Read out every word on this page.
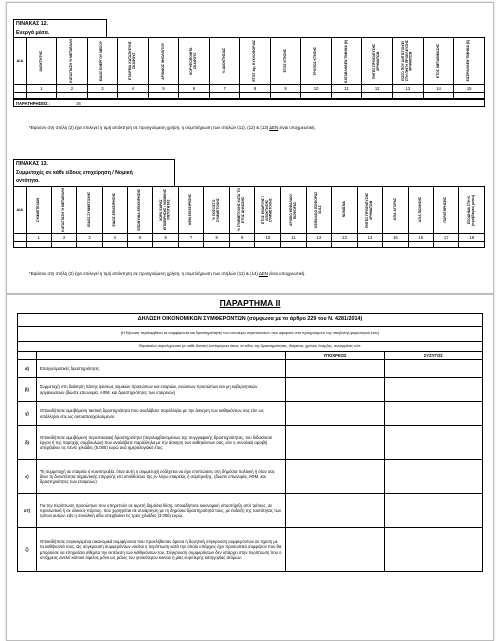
ΠΙΝΑΚΑΣ 12.
Ενεργά μέσα.
Α/Α	ΙΔΙΟΚΤΗΤΗΣ	ΚΑΤΑΣΤΑΣΗ Ή ΜΕΤΑΒΟΛΗ	ΕΙΔΟΣ ΕΝΕΡΓΟΥ ΜΕΣΟΥ	ΕΤΑΙΡΕΙΑ ΚΑΤΑΣΚΕΥΗΣ ΣΚΑΦΟΥΣ	ΑΡΙΘΜΟΣ ΝΗΟΛΟΓΙΟΥ	ΚΟΡΥΦΟΠΟΙΗΤΑ ΣΚΑΦΟΥΣ	% ΙΔΙΟΚΤΗΣΙΑΣ	ΕΤΟΣ 1ης ΚΥΚΛΟΦΟΡΙΑΣ	ΕΤΟΣ ΚΤΗΣΗΣ	ΤΡΟΠΟΣ ΚΤΗΣΗΣ	ΚΑΤΑΒΛΗΘΕΝ ΤΙΜΗΜΑ (€)	ΠΗΓΕΣ ΠΡΟΕΛΕΥΣΗΣ ΧΡΗΜΑΤΩΝ	ΠΟΣΟ ΠΟΥ ΑΝΤΙΣΤΟΙΧΕΙ ΣΤΗ ΠΗΓΗ ΠΡΟΕΛΕΥΣΗΣ ΧΡΗΜΑΤΩΝ	ΕΤΟΣ ΜΕΤΑΒΙΒΑΣΗΣ	ΕΙΣΠΡΑΧΘΕΝ ΤΙΜΗΜΑ (€)

	1	2	3	4	5	6	7	8	9	10	11	12	13	14	15

ΠΑΡΑΤΗΡΗΣΕΙΣ :	16
*Εφόσον στη στήλη (2) έχει επιλεγεί η τιμή απόκτηση σε προηγούμενη χρήση, η συμπλήρωση των στηλών (11), (12) & (13) ΔΕΝ είναι υποχρεωτική.
ΠΙΝΑΚΑΣ 13.
Συμμετοχές σε κάθε είδους επιχείρηση / Νομική
οντότητα.
Α/Α	ΣΥΜΜΕΤΕΧΩΝ	ΚΑΤΑΣΤΑΣΗ Ή ΜΕΤΑΒΟΛΗ	ΕΙΔΟΣ ΣΥΜΜΕΤΟΧΗΣ	ΕΙΔΟΣ ΕΠΙΧΕΙΡΗΣΗΣ	ΕΠΩΝΥΜΙΑ ΕΠΙΧΕΙΡΗΣΗΣ	ΧΩΡΑ ΕΔΡΑΣ ΕΠΙΧΕΙΡΗΣΗΣ / ΝΟΜΙΚΗΣ ΟΝΤΟΤΗΤΑΣ	ΑΦΜ ΕΠΙΧΕΙΡΗΣΗΣ	% ΠΟΣΟΣΤΟ ΣΥΜΜΕΤΟΧΗΣ	% ΣΥΜΜΕΤΟΧΗΣ ΚΑΤΑ ΤΟ ΕΤΟΣ ΔΗΛΩΣΗΣ	ΕΤΟΣ ΕΝΑΡΞΗΣ / ΑΠΟΚΤΗΣΗΣ ΣΥΜΜΕΤΟΧΗΣ	ΑΡΧΙΚΟ ΚΕΦΑΛΑΙΟ ΕΙΣΦΟΡΑΣ	ΚΕΦΑΛΑΙΟ ΕΙΣΦΟΡΑΣ 31/12	ΝΟΜΙΣΜΑ	ΠΗΓΕΣ ΠΡΟΕΛΕΥΣΗΣ ΧΡΗΜΑΤΩΝ	ΑΞΙΑ ΑΓΟΡΑΣ	ΑΞΙΑ ΠΩΛΗΣΗΣ	ΠΑΡΑΤΗΡΗΣΕΙΣ	ΕΣΟΔΗΜΑ ΣΤΗ Κ. (προβλέψεις μέσω)

	1	2	3	4	5	6	7	8	9	10	11	12	13	14	15	16	17	18

*Εφόσον στη στήλη (2) έχει επιλεγεί η τιμή απόκτηση σε προηγούμενη χρήση, η συμπλήρωση των στηλών (11) & (14) ΔΕΝ είναι υποχρεωτική.
ΠΑΡΑΡΤΗΜΑ ΙΙ
ΔΗΛΩΣΗ ΟΙΚΟΝΟΜΙΚΩΝ ΣΥΜΦΕΡΟΝΤΩΝ (σύμφωνα με το άρθρο 229 του Ν. 4281/2014)			
(Η δήλωση περιλαμβάνει τα συμφέροντα και δραστηριότητες των ανωτέρω περιπτώσεων που αφορούν στο προηγούμενο της υποβολής φορολογικό έτος)			
Παρακαλώ συμπληρώστε με κάθε δυνατή λεπτομέρεια όπως το είδος της δραστηριότητας, διάρκεια, χρόνος έναρξης, συνεργάτες κλπ.			
		ΥΠΟΧΡΕΟΣ	ΣΥΖΥΓΟΣ
α)	Επαγγελματικές δραστηριότητες		
β)	Συμμετοχή στη διοίκηση πάσης φύσεως νομικών προσώπων και εταιριών, ενώσεων προσώπων και μη κυβερνητικών οργανώσεων (δώστε επωνυμία, ΑΦΜ, και δραστηριότητες των εταιρειών)		
γ)	Οποιαδήποτε αμειβόμενη τακτική δραστηριότητα που αναλάβατε παράλληλα με την άσκηση των καθηκόντων σας είτε ως υπάλληλοι είτε ως αυτοαπασχολούμενοι.		
δ)	Οποιαδήποτε αμειβόμενη περιστασιακή δραστηριότητα (περιλαμβανομένων της συγγραφικής δραστηριότητας, του διδακτικού έργου ή της παροχής συμβουλών) που αναλάβατε παράλληλα με την άσκηση των καθηκόντων σας, εάν η συνολική αμοιβή υπερβαίνει τις πέντε χιλιάδες (5.000) ευρώ ανά ημερολογιακό έτος.		
ε)	Τη συμμετοχή σε εταιρεία ή κοινοπραξία, όταν αυτή η συμμετοχή ενδέχεται να έχει επιπτώσεις στη δημόσια πολιτική ή όταν σας δίνει τη δυνατότητα σημαντικής επιρροής επί υποθέσεων της εν λόγω εταιρείας ή σύμπραξης. (δώστε επωνυμία, ΑΦΜ, και δραστηριότητες των εταιρειών)		
στ)	Για την περίπτωση προσώπων που υπηρετούν σε αιρετή δημόσια θέση, οποιαδήποτε οικονομική υποστήριξη από τρίτους, σε προσωπικό ή σε υλικούς πόρους, που χορηγείται σε συνάρτηση με τη δημόσια δραστηριότητά τους, με ένδειξη της ταυτότητας των τρίτων αυτών, εάν η συνολική αξία υπερβαίνει τις τρεις χιλιάδες (3.000) ευρώ.		
ζ)	Οποιαδήποτε συγκεκριμένα οικονομικά συμφέροντα που προκλήθεσαν άμεσα ή δυνητική σύγκρουση συμφερόντων σε σχέση με τα καθήκοντά τους. Ως σύγκρουση συμφερόντων νοείται η περίπτωση κατά την οποία υπάρχεις έχει προσωπικό συμφέρον που θα μπορούσε να επηρεάσει αθέμιτα την εκτέλεση των καθηκόντων του. Σύγκρουση συμφερόντων δεν υπάρχει στην περίπτωση που ο υπόχρεος αντλεί κάποιο όφελος μόνο ως μέλος του γενικότερου κοινού ή μίας ευρύτερης κατηγορίας ατόμων.		
